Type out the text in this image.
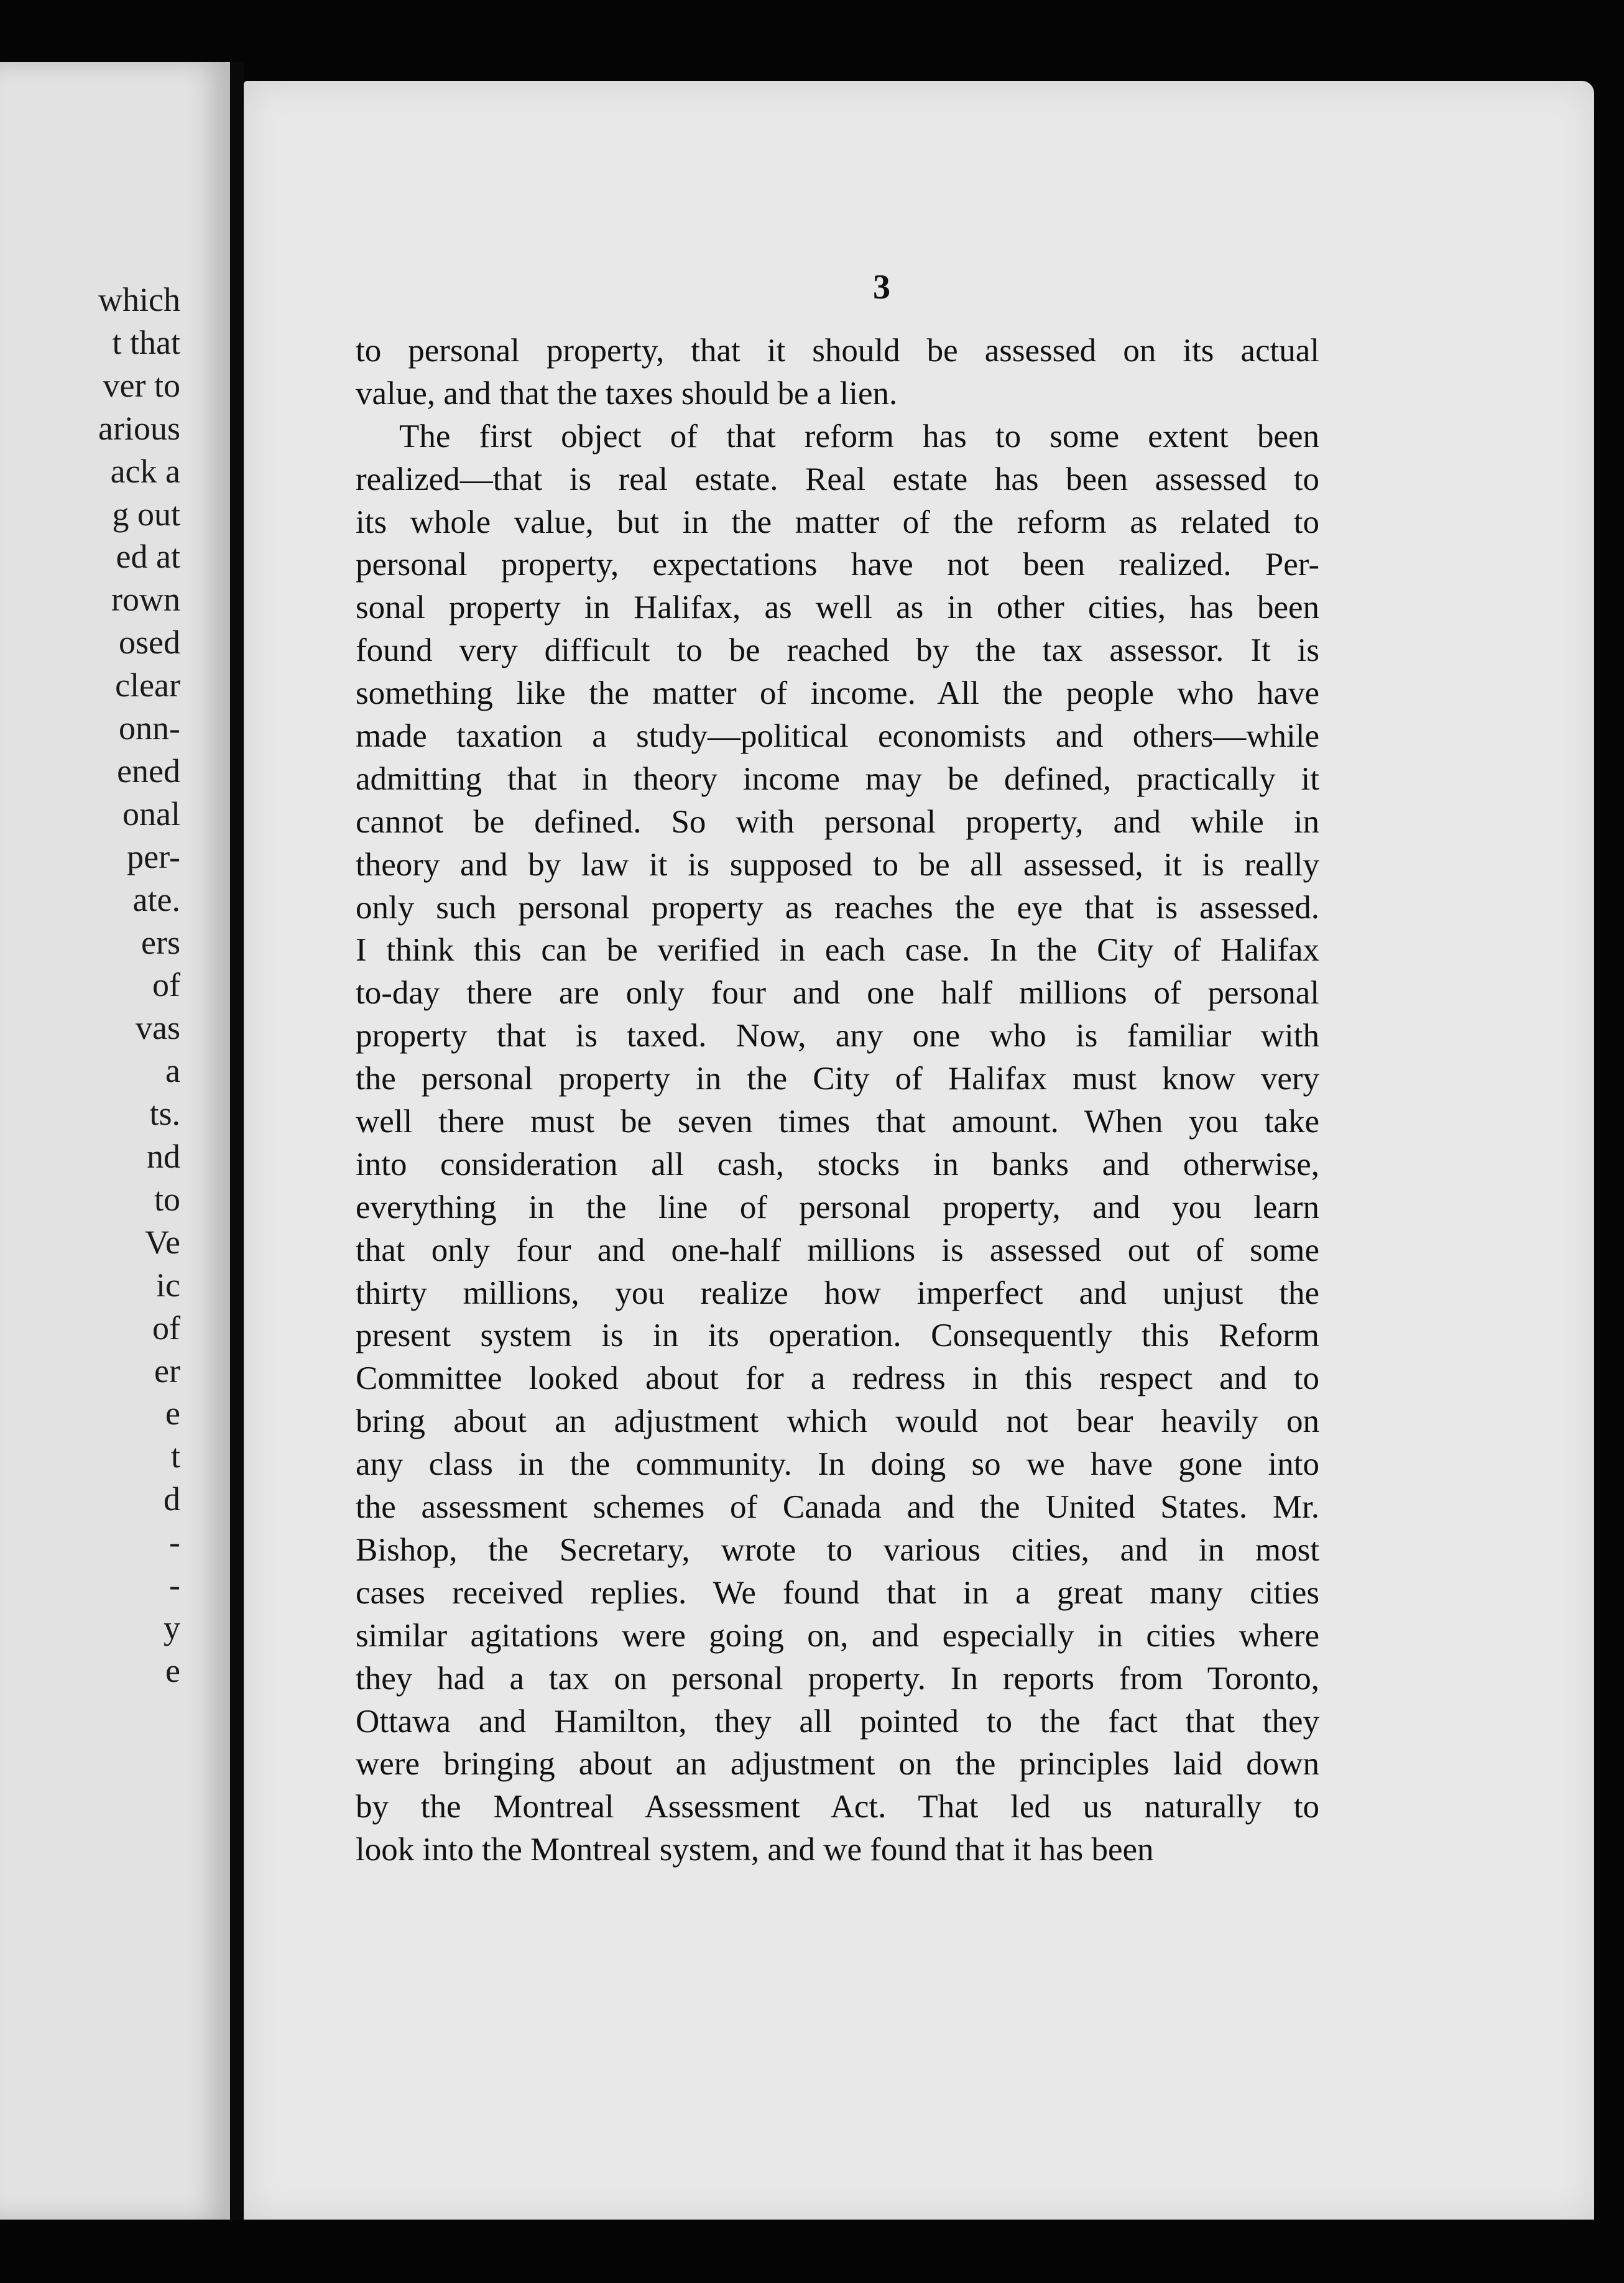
which
t that
ver to
arious
ack a
g out
ed at
rown
osed
clear
onn-
ened
onal
per-
ate.
ers
of
vas
a
ts.
nd
to
Ve
ic
of
er
e
t
d
-
-
y
e
3
to personal property, that it should be assessed on its actual
value, and that the taxes should be a lien.
The first object of that reform has to some extent been
realized—that is real estate. Real estate has been assessed to
its whole value, but in the matter of the reform as related to
personal property, expectations have not been realized. Per-
sonal property in Halifax, as well as in other cities, has been
found very difficult to be reached by the tax assessor. It is
something like the matter of income. All the people who have
made taxation a study—political economists and others—while
admitting that in theory income may be defined, practically it
cannot be defined. So with personal property, and while in
theory and by law it is supposed to be all assessed, it is really
only such personal property as reaches the eye that is assessed.
I think this can be verified in each case. In the City of Halifax
to-day there are only four and one half millions of personal
property that is taxed. Now, any one who is familiar with
the personal property in the City of Halifax must know very
well there must be seven times that amount. When you take
into consideration all cash, stocks in banks and otherwise,
everything in the line of personal property, and you learn
that only four and one-half millions is assessed out of some
thirty millions, you realize how imperfect and unjust the
present system is in its operation. Consequently this Reform
Committee looked about for a redress in this respect and to
bring about an adjustment which would not bear heavily on
any class in the community. In doing so we have gone into
the assessment schemes of Canada and the United States. Mr.
Bishop, the Secretary, wrote to various cities, and in most
cases received replies. We found that in a great many cities
similar agitations were going on, and especially in cities where
they had a tax on personal property. In reports from Toronto,
Ottawa and Hamilton, they all pointed to the fact that they
were bringing about an adjustment on the principles laid down
by the Montreal Assessment Act. That led us naturally to
look into the Montreal system, and we found that it has been
